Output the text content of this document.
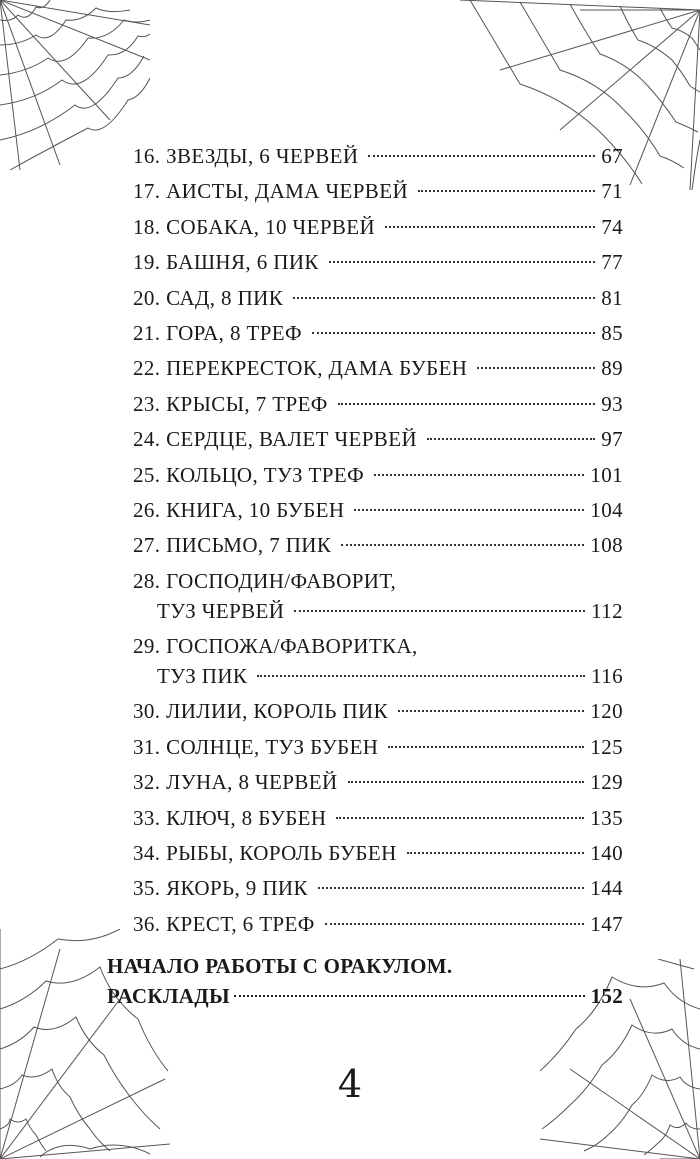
16. ЗВЕЗДЫ, 6 ЧЕРВЕЙ	67
17. АИСТЫ, ДАМА ЧЕРВЕЙ	71
18. СОБАКА, 10 ЧЕРВЕЙ	74
19. БАШНЯ, 6 ПИК	77
20. САД, 8 ПИК	81
21. ГОРА, 8 ТРЕФ	85
22. ПЕРЕКРЕСТОК, ДАМА БУБЕН	89
23. КРЫСЫ, 7 ТРЕФ	93
24. СЕРДЦЕ, ВАЛЕТ ЧЕРВЕЙ	97
25. КОЛЬЦО, ТУЗ ТРЕФ	101
26. КНИГА, 10 БУБЕН	104
27. ПИСЬМО, 7 ПИК	108
28. ГОСПОДИН/ФАВОРИТ,
ТУЗ ЧЕРВЕЙ	112
29. ГОСПОЖА/ФАВОРИТКА,
ТУЗ ПИК	116
30. ЛИЛИИ, КОРОЛЬ ПИК	120
31. СОЛНЦЕ, ТУЗ БУБЕН	125
32. ЛУНА, 8 ЧЕРВЕЙ	129
33. КЛЮЧ, 8 БУБЕН	135
34. РЫБЫ, КОРОЛЬ БУБЕН	140
35. ЯКОРЬ, 9 ПИК	144
36. КРЕСТ, 6 ТРЕФ	147
НАЧАЛО РАБОТЫ С ОРАКУЛОМ.
РАСКЛАДЫ	152
4
